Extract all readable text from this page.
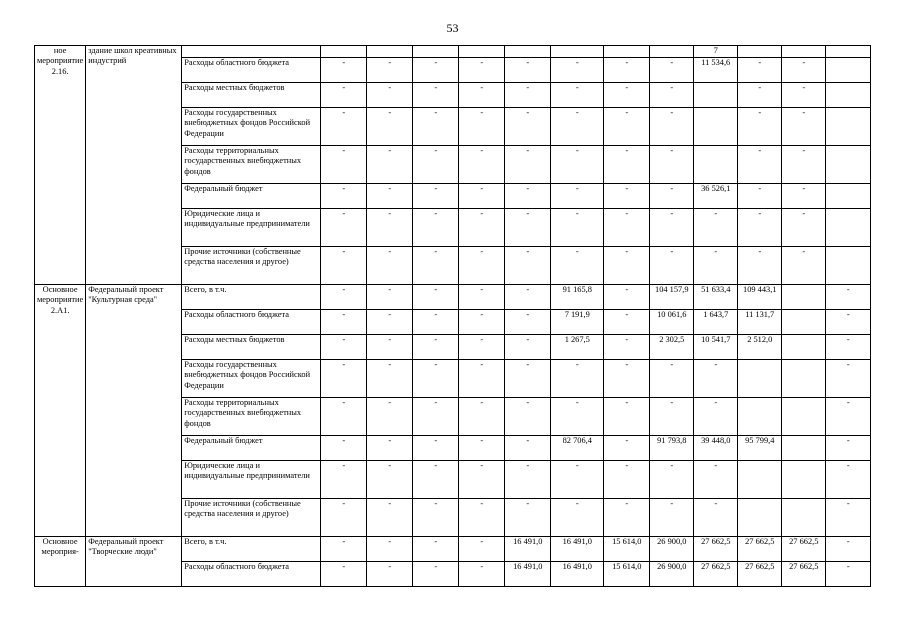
53
ное мероприятие 2.16.	здание школ креативных индустрий										7			
		Расходы областного бюджета	-	-	-	-	-	-	-	-	11 534,6	-	-	
		Расходы местных бюджетов	-	-	-	-	-	-	-	-		-	-	
		Расходы государственных внебюджетных фондов Российской Федерации	-	-	-	-	-	-	-	-		-	-	
		Расходы территориальных государственных внебюджетных фондов	-	-	-	-	-	-	-	-		-	-	
		Федеральный бюджет	-	-	-	-	-	-	-	-	36 526,1	-	-	
		Юридические лица и индивидуальные предприниматели	-	-	-	-	-	-	-	-	-	-	-	
		Прочие источники (собственные средства населения и другое)	-	-	-	-	-	-	-	-	-	-	-	
Основное мероприятие 2.А1.	Федеральный проект "Культурная среда"	Всего, в т.ч.	-	-	-	-	-	91 165,8	-	104 157,9	51 633,4	109 443,1		-
		Расходы областного бюджета	-	-	-	-	-	7 191,9	-	10 061,6	1 643,7	11 131,7		-
		Расходы местных бюджетов	-	-	-	-	-	1 267,5	-	2 302,5	10 541,7	2 512,0		-
		Расходы государственных внебюджетных фондов Российской Федерации	-	-	-	-	-	-	-	-	-			-
		Расходы территориальных государственных внебюджетных фондов	-	-	-	-	-	-	-	-	-			-
		Федеральный бюджет	-	-	-	-	-	82 706,4	-	91 793,8	39 448,0	95 799,4		-
		Юридические лица и индивидуальные предприниматели	-	-	-	-	-	-	-	-	-			-
		Прочие источники (собственные средства населения и другое)	-	-	-	-	-	-	-	-	-			-
Основное мероприя-	Федеральный проект "Творческие люди"	Всего, в т.ч.	-	-	-	-	16 491,0	16 491,0	15 614,0	26 900,0	27 662,5	27 662,5	27 662,5	-
		Расходы областного бюджета	-	-	-	-	16 491,0	16 491,0	15 614,0	26 900,0	27 662,5	27 662,5	27 662,5	-
